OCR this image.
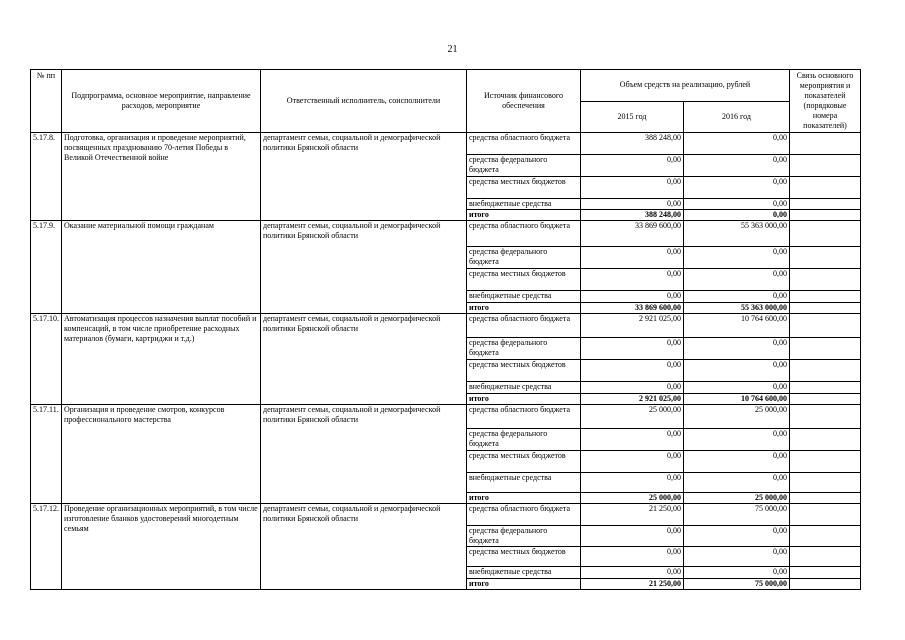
21
№ пп	Подпрограмма, основное мероприятие, направление расходов, мероприятие	Ответственный исполнитель, соисполнители	Источник финансового обеспечения	Объем средств на реализацию, рублей		Связь основного мероприятия и показателей (порядковые номера показателей)
				2015 год	2016 год	
5.17.8.	Подготовка, организация и проведение мероприятий, посвященных празднованию 70-летия Победы в Великой Отечественной войне	департамент семьи, социальной и демографической политики Брянской области	средства областного бюджета	388 248,00	0,00	
			средства федерального бюджета	0,00	0,00	
			средства местных бюджетов	0,00	0,00	
			внебюджетные средства	0,00	0,00	
			итого	388 248,00	0,00	
5.17.9.	Оказание материальной помощи гражданам	департамент семьи, социальной и демографической политики Брянской области	средства областного бюджета	33 869 600,00	55 363 000,00	
			средства федерального бюджета	0,00	0,00	
			средства местных бюджетов	0,00	0,00	
			внебюджетные средства	0,00	0,00	
			итого	33 869 600,00	55 363 000,00	
5.17.10.	Автоматизация процессов назначения выплат пособий и компенсаций, в том числе приобретение расходных материалов (бумаги, картриджи и т.д.)	департамент семьи, социальной и демографической политики Брянской области	средства областного бюджета	2 921 025,00	10 764 600,00	
			средства федерального бюджета	0,00	0,00	
			средства местных бюджетов	0,00	0,00	
			внебюджетные средства	0,00	0,00	
			итого	2 921 025,00	10 764 600,00	
5.17.11.	Организация и проведение смотров, конкурсов профессионального мастерства	департамент семьи, социальной и демографической политики Брянской области	средства областного бюджета	25 000,00	25 000,00	
			средства федерального бюджета	0,00	0,00	
			средства местных бюджетов	0,00	0,00	
			внебюджетные средства	0,00	0,00	
			итого	25 000,00	25 000,00	
5.17.12.	Проведение организационных мероприятий, в том числе изготовление бланков удостоверений многодетным семьям	департамент семьи, социальной и демографической политики Брянской области	средства областного бюджета	21 250,00	75 000,00	
			средства федерального бюджета	0,00	0,00	
			средства местных бюджетов	0,00	0,00	
			внебюджетные средства	0,00	0,00	
			итого	21 250,00	75 000,00	
